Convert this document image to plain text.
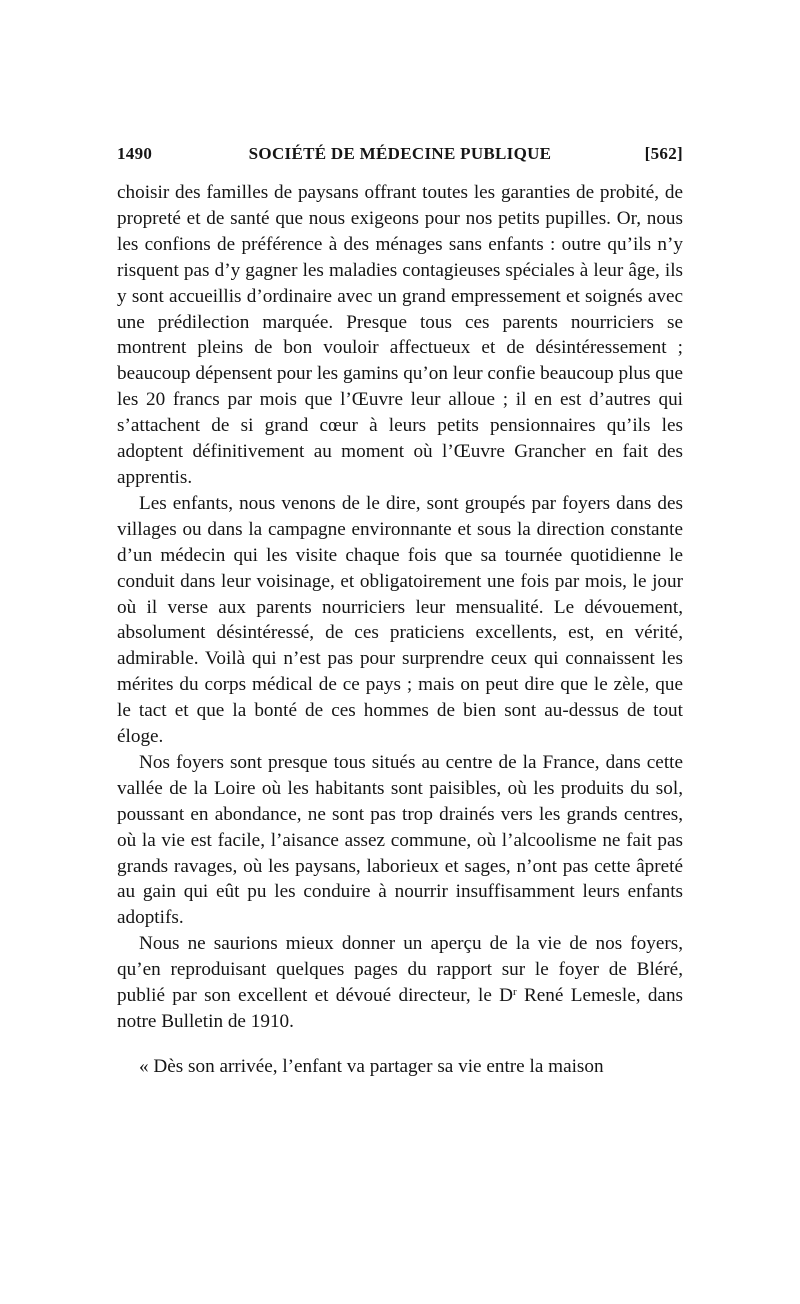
1490	SOCIÉTÉ DE MÉDECINE PUBLIQUE	[562]

choisir des familles de paysans offrant toutes les garanties de probité, de propreté et de santé que nous exigeons pour nos petits pupilles. Or, nous les confions de préférence à des ménages sans enfants : outre qu’ils n’y risquent pas d’y gagner les maladies contagieuses spéciales à leur âge, ils y sont accueillis d’ordinaire avec un grand empressement et soignés avec une prédilection marquée. Presque tous ces parents nourriciers se montrent pleins de bon vouloir affectueux et de désintéressement ; beaucoup dépensent pour les gamins qu’on leur confie beaucoup plus que les 20 francs par mois que l’Œuvre leur alloue ; il en est d’autres qui s’attachent de si grand cœur à leurs petits pensionnaires qu’ils les adoptent définitivement au moment où l’Œuvre Grancher en fait des apprentis.

Les enfants, nous venons de le dire, sont groupés par foyers dans des villages ou dans la campagne environnante et sous la direction constante d’un médecin qui les visite chaque fois que sa tournée quotidienne le conduit dans leur voisinage, et obligatoirement une fois par mois, le jour où il verse aux parents nourriciers leur mensualité. Le dévouement, absolument désintéressé, de ces praticiens excellents, est, en vérité, admirable. Voilà qui n’est pas pour surprendre ceux qui connaissent les mérites du corps médical de ce pays ; mais on peut dire que le zèle, que le tact et que la bonté de ces hommes de bien sont au-dessus de tout éloge.

Nos foyers sont presque tous situés au centre de la France, dans cette vallée de la Loire où les habitants sont paisibles, où les produits du sol, poussant en abondance, ne sont pas trop drainés vers les grands centres, où la vie est facile, l’aisance assez commune, où l’alcoolisme ne fait pas grands ravages, où les paysans, laborieux et sages, n’ont pas cette âpreté au gain qui eût pu les conduire à nourrir insuffisamment leurs enfants adoptifs.

Nous ne saurions mieux donner un aperçu de la vie de nos foyers, qu’en reproduisant quelques pages du rapport sur le foyer de Bléré, publié par son excellent et dévoué directeur, le $D^r$ René Lemesle, dans notre Bulletin de 1910.

« Dès son arrivée, l’enfant va partager sa vie entre la maison
